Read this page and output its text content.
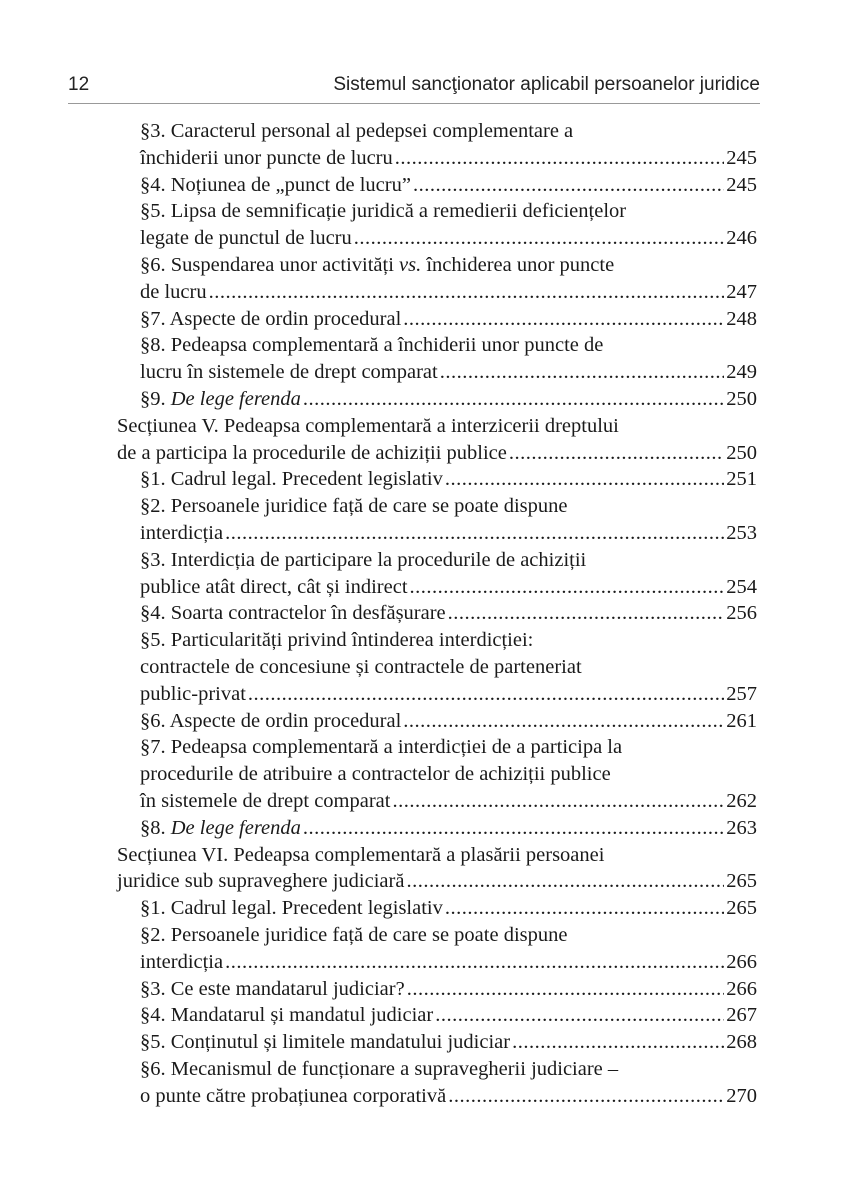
12	Sistemul sancţionator aplicabil persoanelor juridice
§3. Caracterul personal al pedepsei complementare a
închiderii unor puncte de lucru .....	245
§4. Noțiunea de „punct de lucru” .....	245
§5. Lipsa de semnificație juridică a remedierii deficiențelor
legate de punctul de lucru .....	246
§6. Suspendarea unor activități vs. închiderea unor puncte
de lucru .....	247
§7. Aspecte de ordin procedural .....	248
§8. Pedeapsa complementară a închiderii unor puncte de
lucru în sistemele de drept comparat .....	249
§9. De lege ferenda .....	250
Secțiunea V. Pedeapsa complementară a interzicerii dreptului
de a participa la procedurile de achiziții publice .....	250
§1. Cadrul legal. Precedent legislativ .....	251
§2. Persoanele juridice față de care se poate dispune
interdicția .....	253
§3. Interdicția de participare la procedurile de achiziții
publice atât direct, cât și indirect .....	254
§4. Soarta contractelor în desfășurare .....	256
§5. Particularități privind întinderea interdicției:
contractele de concesiune și contractele de parteneriat
public-privat .....	257
§6. Aspecte de ordin procedural .....	261
§7. Pedeapsa complementară a interdicției de a participa la
procedurile de atribuire a contractelor de achiziții publice
în sistemele de drept comparat .....	262
§8. De lege ferenda .....	263
Secțiunea VI. Pedeapsa complementară a plasării persoanei
juridice sub supraveghere judiciară .....	265
§1. Cadrul legal. Precedent legislativ .....	265
§2. Persoanele juridice față de care se poate dispune
interdicția .....	266
§3. Ce este mandatarul judiciar? .....	266
§4. Mandatarul și mandatul judiciar .....	267
§5. Conținutul și limitele mandatului judiciar .....	268
§6. Mecanismul de funcționare a supravegherii judiciare –
o punte către probațiunea corporativă .....	270
